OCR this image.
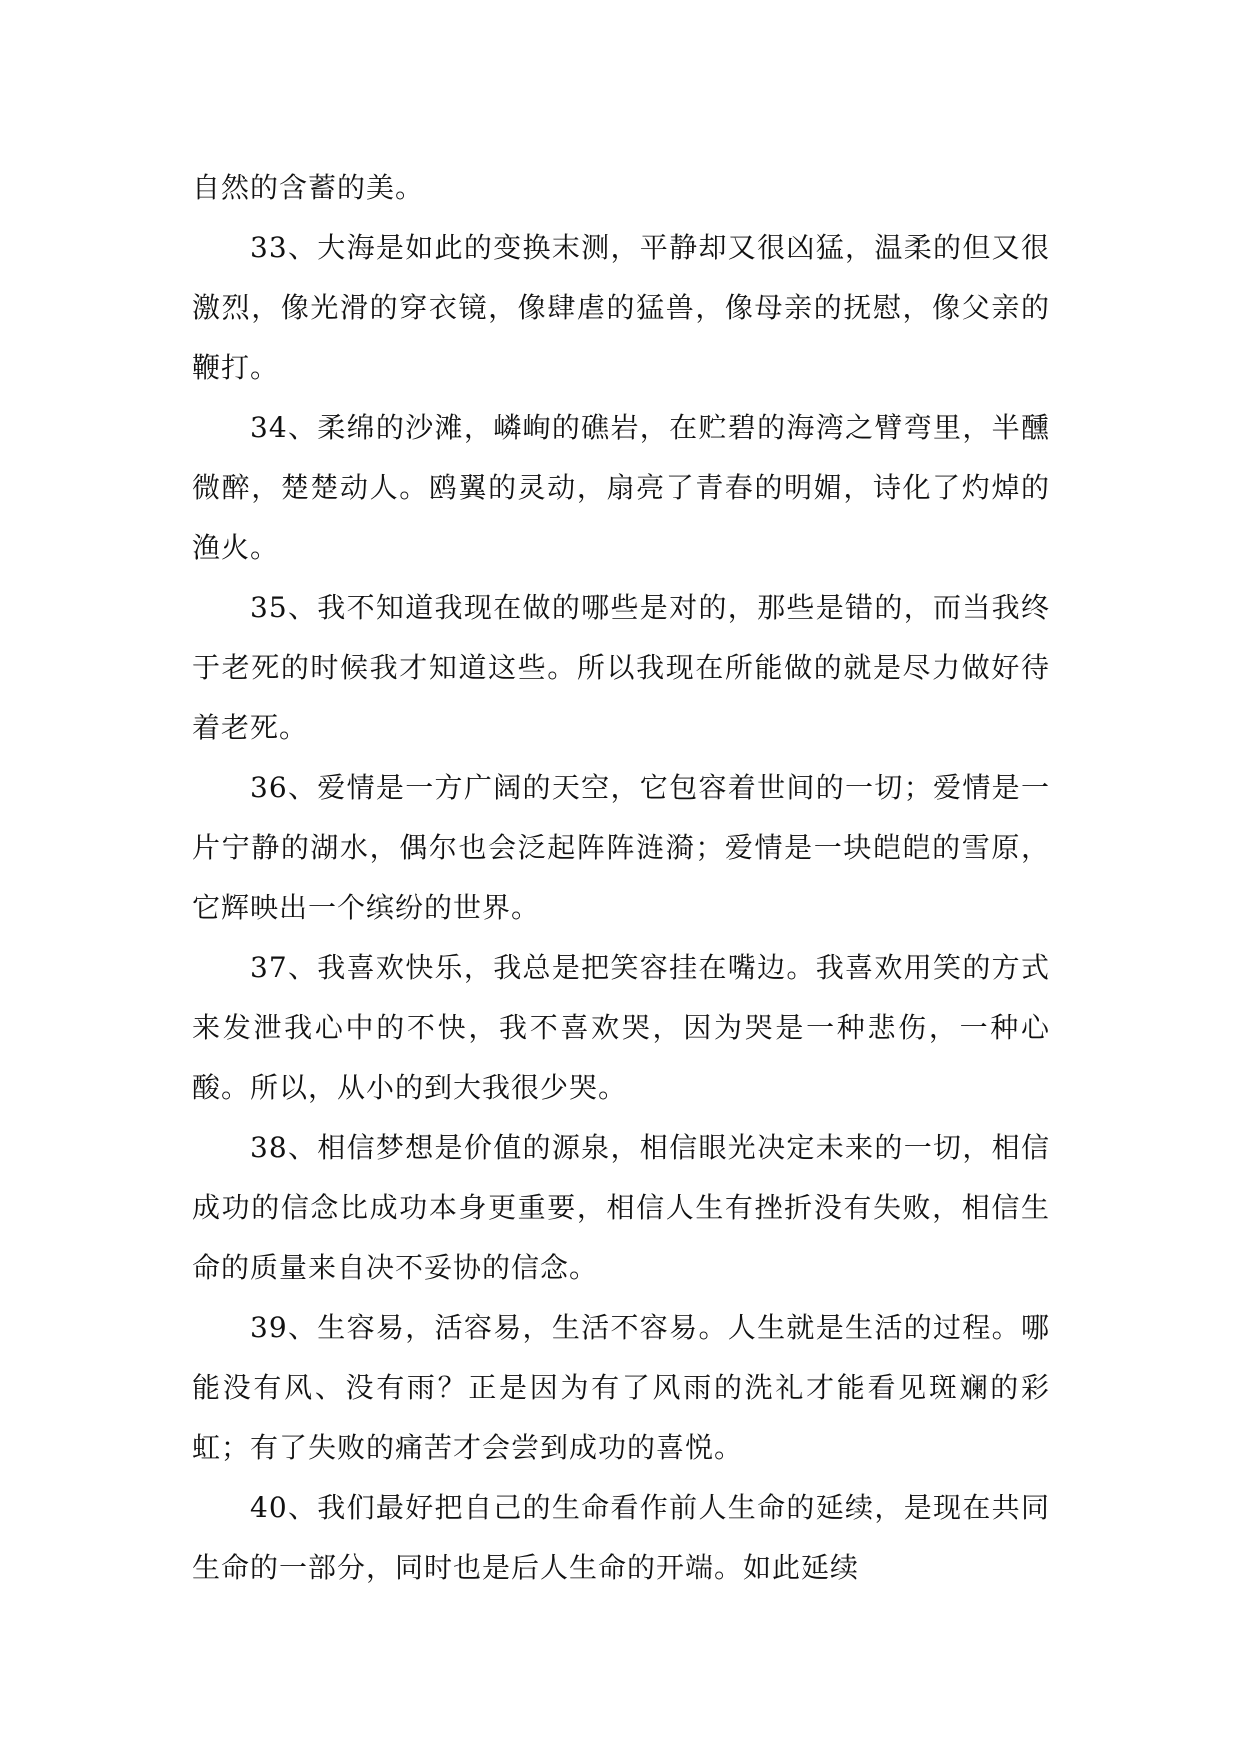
自然的含蓄的美。

33、大海是如此的变换末测，平静却又很凶猛，温柔的但又很激烈，像光滑的穿衣镜，像肆虐的猛兽，像母亲的抚慰，像父亲的鞭打。

34、柔绵的沙滩，嶙峋的礁岩，在贮碧的海湾之臂弯里，半醺微醉，楚楚动人。鸥翼的灵动，扇亮了青春的明媚，诗化了灼焯的渔火。

35、我不知道我现在做的哪些是对的，那些是错的，而当我终于老死的时候我才知道这些。所以我现在所能做的就是尽力做好待着老死。

36、爱情是一方广阔的天空，它包容着世间的一切；爱情是一片宁静的湖水，偶尔也会泛起阵阵涟漪；爱情是一块皑皑的雪原，它辉映出一个缤纷的世界。

37、我喜欢快乐，我总是把笑容挂在嘴边。我喜欢用笑的方式来发泄我心中的不快，我不喜欢哭，因为哭是一种悲伤，一种心酸。所以，从小的到大我很少哭。

38、相信梦想是价值的源泉，相信眼光决定未来的一切，相信成功的信念比成功本身更重要，相信人生有挫折没有失败，相信生命的质量来自决不妥协的信念。

39、生容易，活容易，生活不容易。人生就是生活的过程。哪能没有风、没有雨？正是因为有了风雨的洗礼才能看见斑斓的彩虹；有了失败的痛苦才会尝到成功的喜悦。

40、我们最好把自己的生命看作前人生命的延续，是现在共同生命的一部分，同时也是后人生命的开端。如此延续
